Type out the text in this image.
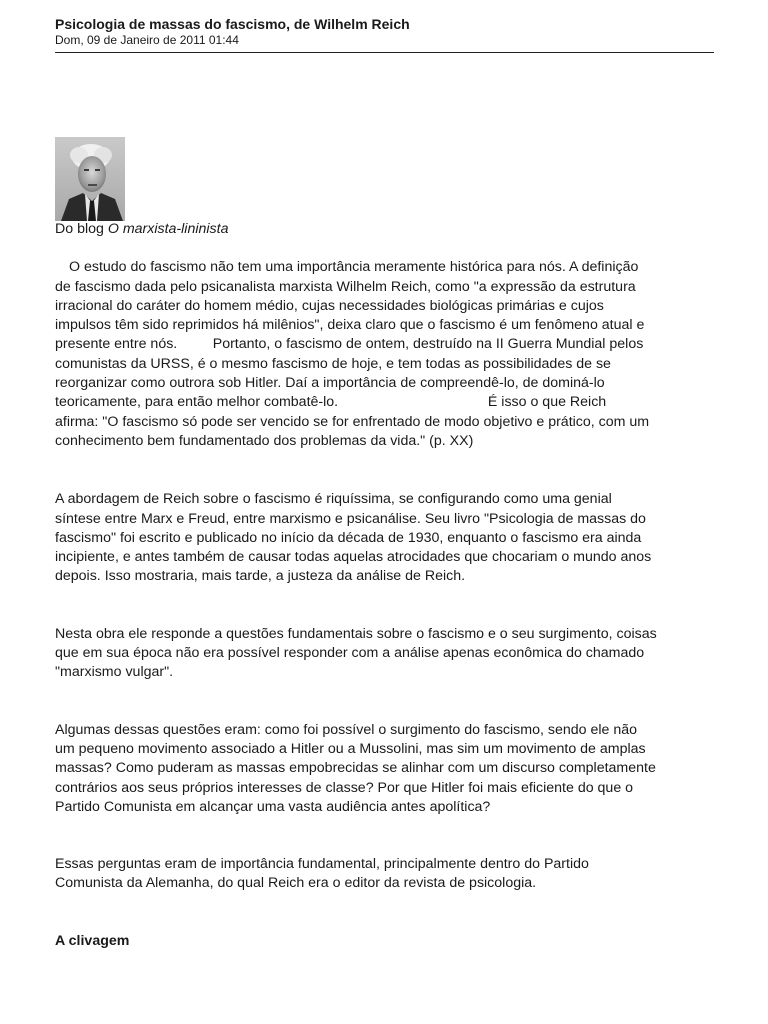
Psicologia de massas do fascismo, de Wilhelm Reich

Dom, 09 de Janeiro de 2011 01:44

Do blog O marxista-lininista

O estudo do fascismo não tem uma importância meramente histórica para nós. A definição
de fascismo dada pelo psicanalista marxista Wilhelm Reich, como "a expressão da estrutura
irracional do caráter do homem médio, cujas necessidades biológicas primárias e cujos
impulsos têm sido reprimidos há milênios", deixa claro que o fascismo é um fenômeno atual e
presente entre nós.         Portanto, o fascismo de ontem, destruído na II Guerra Mundial pelos
comunistas da URSS, é o mesmo fascismo de hoje, e tem todas as possibilidades de se
reorganizar como outrora sob Hitler. Daí a importância de compreendê-lo, de dominá-lo
teoricamente, para então melhor combatê-lo.                                      É isso o que Reich
afirma: "O fascismo só pode ser vencido se for enfrentado de modo objetivo e prático, com um
conhecimento bem fundamentado dos problemas da vida." (p. XX)

A abordagem de Reich sobre o fascismo é riquíssima, se configurando como uma genial
síntese entre Marx e Freud, entre marxismo e psicanálise. Seu livro "Psicologia de massas do
fascismo" foi escrito e publicado no início da década de 1930, enquanto o fascismo era ainda
incipiente, e antes também de causar todas aquelas atrocidades que chocariam o mundo anos
depois. Isso mostraria, mais tarde, a justeza da análise de Reich.

Nesta obra ele responde a questões fundamentais sobre o fascismo e o seu surgimento, coisas
que em sua época não era possível responder com a análise apenas econômica do chamado
"marxismo vulgar".

Algumas dessas questões eram: como foi possível o surgimento do fascismo, sendo ele não
um pequeno movimento associado a Hitler ou a Mussolini, mas sim um movimento de amplas
massas? Como puderam as massas empobrecidas se alinhar com um discurso completamente
contrários aos seus próprios interesses de classe? Por que Hitler foi mais eficiente do que o
Partido Comunista em alcançar uma vasta audiência antes apolítica?

Essas perguntas eram de importância fundamental, principalmente dentro do Partido
Comunista da Alemanha, do qual Reich era o editor da revista de psicologia.

A clivagem
